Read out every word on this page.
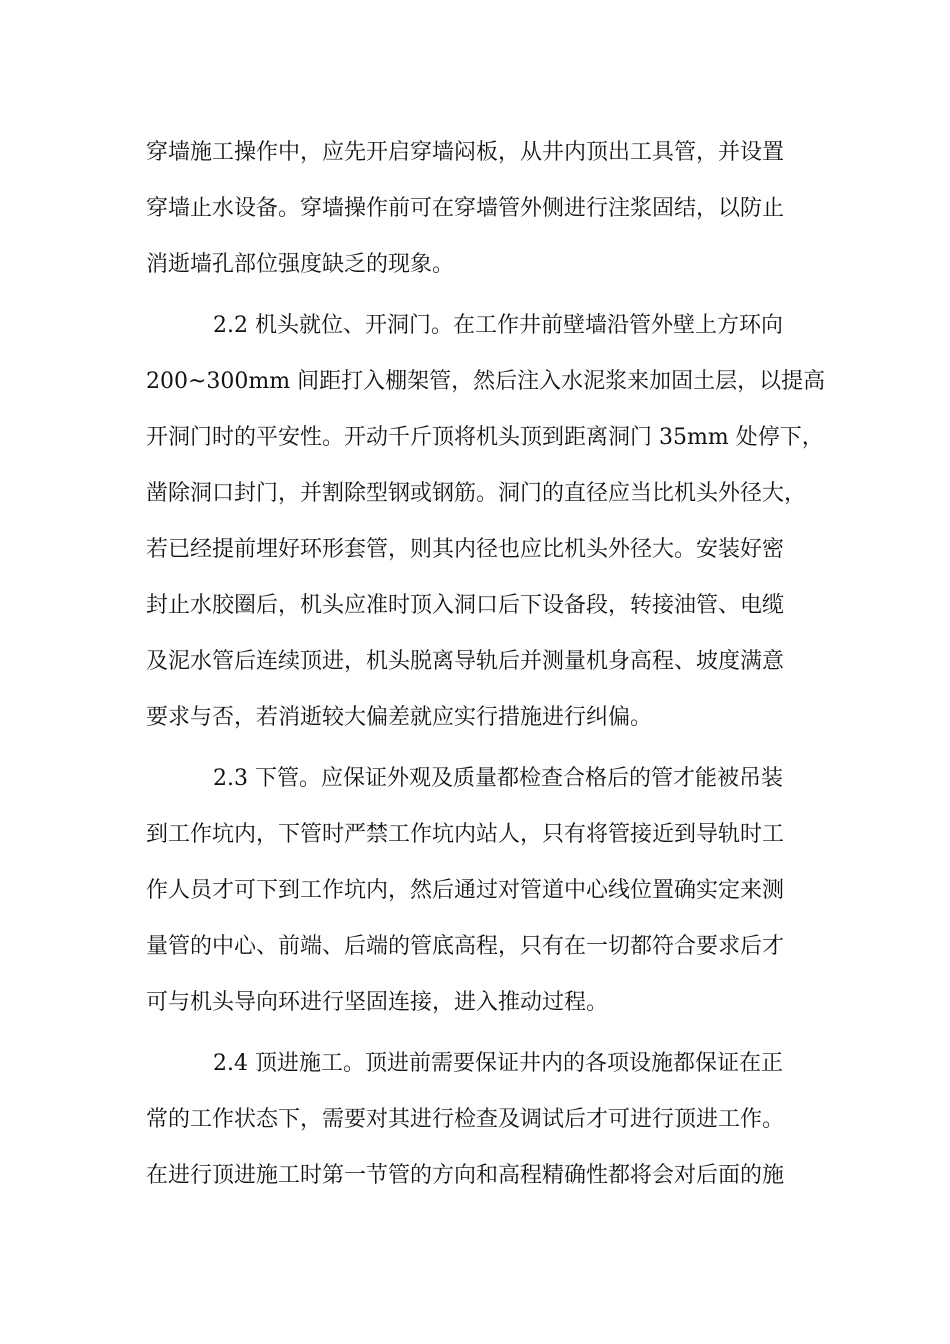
穿墙施工操作中，应先开启穿墙闷板，从井内顶出工具管，并设置
穿墙止水设备。穿墙操作前可在穿墙管外侧进行注浆固结，以防止
消逝墙孔部位强度缺乏的现象。
2.2 机头就位、开洞门。在工作井前壁墙沿管外壁上方环向
200~300mm 间距打入棚架管，然后注入水泥浆来加固土层，以提高
开洞门时的平安性。开动千斤顶将机头顶到距离洞门 35mm 处停下，
凿除洞口封门，并割除型钢或钢筋。洞门的直径应当比机头外径大，
若已经提前埋好环形套管，则其内径也应比机头外径大。安装好密
封止水胶圈后，机头应准时顶入洞口后下设备段，转接油管、电缆
及泥水管后连续顶进，机头脱离导轨后并测量机身高程、坡度满意
要求与否，若消逝较大偏差就应实行措施进行纠偏。
2.3 下管。应保证外观及质量都检查合格后的管才能被吊装
到工作坑内，下管时严禁工作坑内站人，只有将管接近到导轨时工
作人员才可下到工作坑内，然后通过对管道中心线位置确实定来测
量管的中心、前端、后端的管底高程，只有在一切都符合要求后才
可与机头导向环进行坚固连接，进入推动过程。
2.4 顶进施工。顶进前需要保证井内的各项设施都保证在正
常的工作状态下，需要对其进行检查及调试后才可进行顶进工作。
在进行顶进施工时第一节管的方向和高程精确性都将会对后面的施
